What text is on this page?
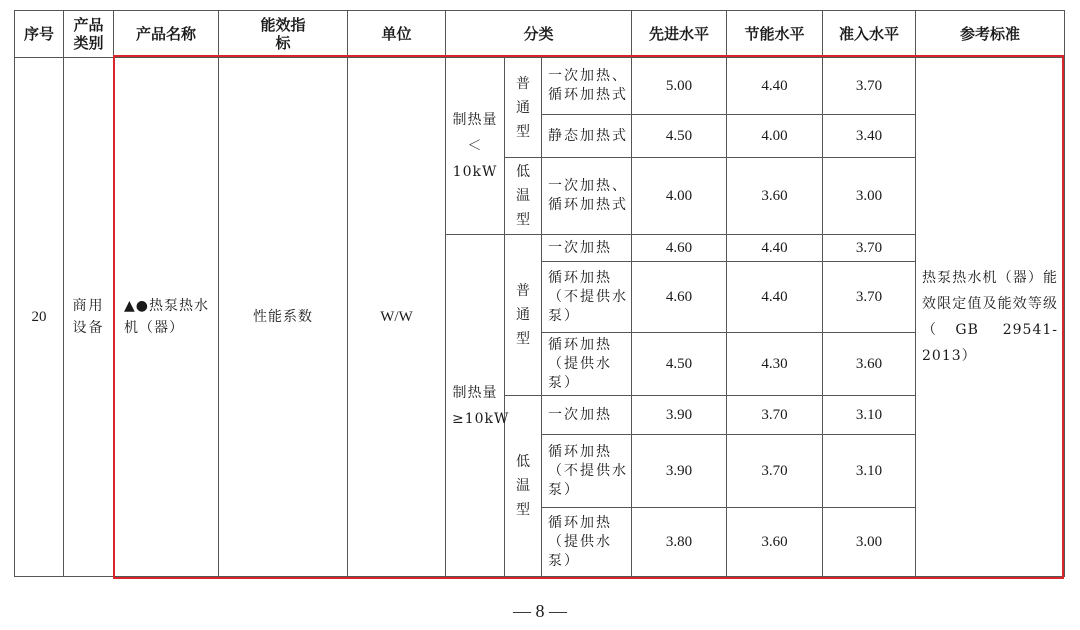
序号	产品类别	产品名称	能效指标	单位	分类			先进水平	节能水平	准入水平	参考标准
20	商用设备	▲●热泵热水机（器）	性能系数	W/W	制热量＜10kW	普通型	一次加热、循环加热式	5.00	4.40	3.70	热泵热水机（器）能效限定值及能效等级（GB 29541-2013）
							静态加热式	4.50	4.00	3.40	
						低温型	一次加热、循环加热式	4.00	3.60	3.00	
					制热量≥10kW	普通型	一次加热	4.60	4.40	3.70	
							循环加热（不提供水泵）	4.60	4.40	3.70	
							循环加热（提供水泵）	4.50	4.30	3.60	
						低温型	一次加热	3.90	3.70	3.10	
							循环加热（不提供水泵）	3.90	3.70	3.10	
							循环加热（提供水泵）	3.80	3.60	3.00	
— 8 —
